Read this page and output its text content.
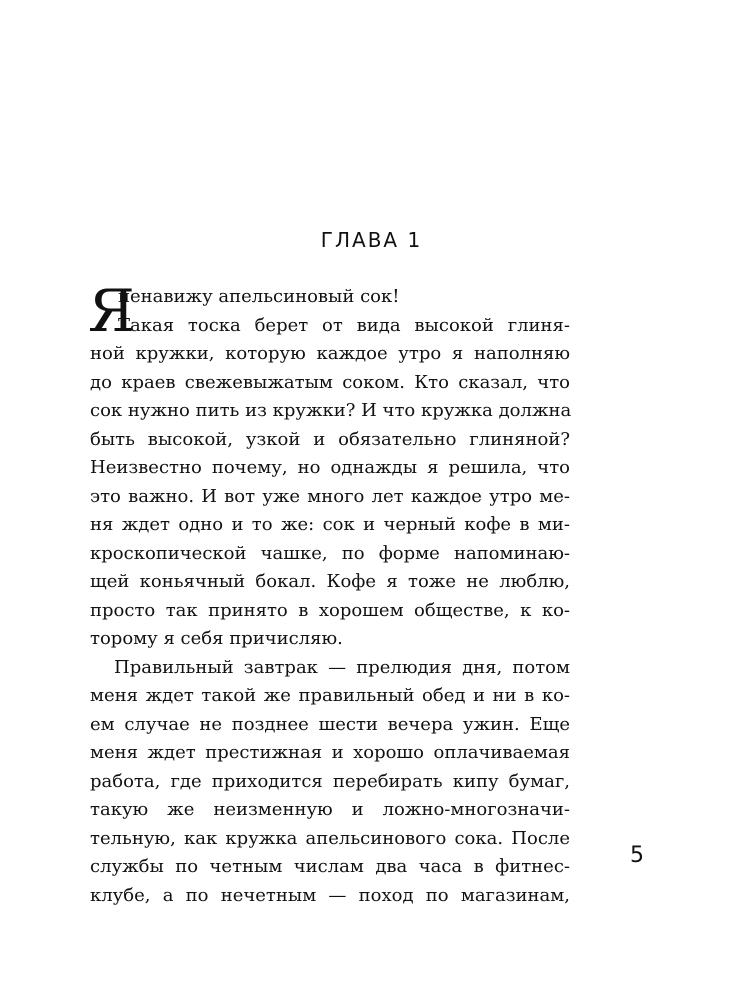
ГЛАВА 1
Я
ненавижу апельсиновый сок!
Такая тоска берет от вида высокой глиня-
ной кружки, которую каждое утро я наполняю
до краев свежевыжатым соком. Кто сказал, что
сок нужно пить из кружки? И что кружка должна
быть высокой, узкой и обязательно глиняной?
Неизвестно почему, но однажды я решила, что
это важно. И вот уже много лет каждое утро ме-
ня ждет одно и то же: сок и черный кофе в ми-
кроскопической чашке, по форме напоминаю-
щей коньячный бокал. Кофе я тоже не люблю,
просто так принято в хорошем обществе, к ко-
торому я себя причисляю.
Правильный завтрак — прелюдия дня, потом
меня ждет такой же правильный обед и ни в ко-
ем случае не позднее шести вечера ужин. Еще
меня ждет престижная и хорошо оплачиваемая
работа, где приходится перебирать кипу бумаг,
такую же неизменную и ложно-многозначи-
тельную, как кружка апельсинового сока. После
службы по четным числам два часа в фитнес-
клубе, а по нечетным — поход по магазинам,
5
